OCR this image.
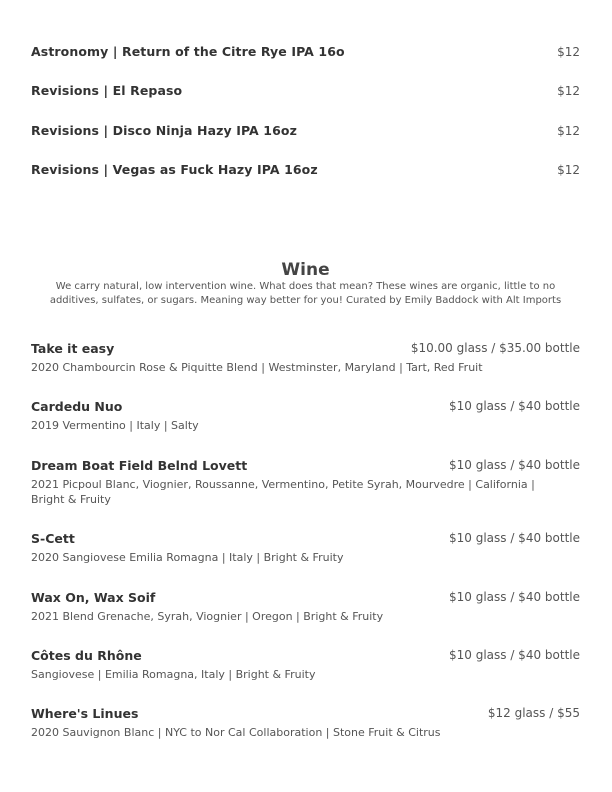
Astronomy | Return of the Citre Rye IPA 16o	$12
Revisions | El Repaso	$12
Revisions | Disco Ninja Hazy IPA 16oz	$12
Revisions | Vegas as Fuck Hazy IPA 16oz	$12
Wine

We carry natural, low intervention wine. What does that mean? These wines are organic, little to no additives, sulfates, or sugars. Meaning way better for you! Curated by Emily Baddock with Alt Imports

Take it easy	$10.00 glass / $35.00 bottle
2020 Chambourcin Rose & Piquitte Blend | Westminster, Maryland | Tart, Red Fruit
Cardedu Nuo	$10 glass / $40 bottle
2019 Vermentino | Italy | Salty
Dream Boat Field Belnd Lovett	$10 glass / $40 bottle
2021 Picpoul Blanc, Viognier, Roussanne, Vermentino, Petite Syrah, Mourvedre | California | Bright & Fruity
S-Cett	$10 glass / $40 bottle
2020 Sangiovese Emilia Romagna | Italy | Bright & Fruity
Wax On, Wax Soif	$10 glass / $40 bottle
2021 Blend Grenache, Syrah, Viognier | Oregon | Bright & Fruity
Côtes du Rhône	$10 glass / $40 bottle
Sangiovese | Emilia Romagna, Italy | Bright & Fruity
Where's Linues	$12 glass / $55
2020 Sauvignon Blanc | NYC to Nor Cal Collaboration | Stone Fruit & Citrus
